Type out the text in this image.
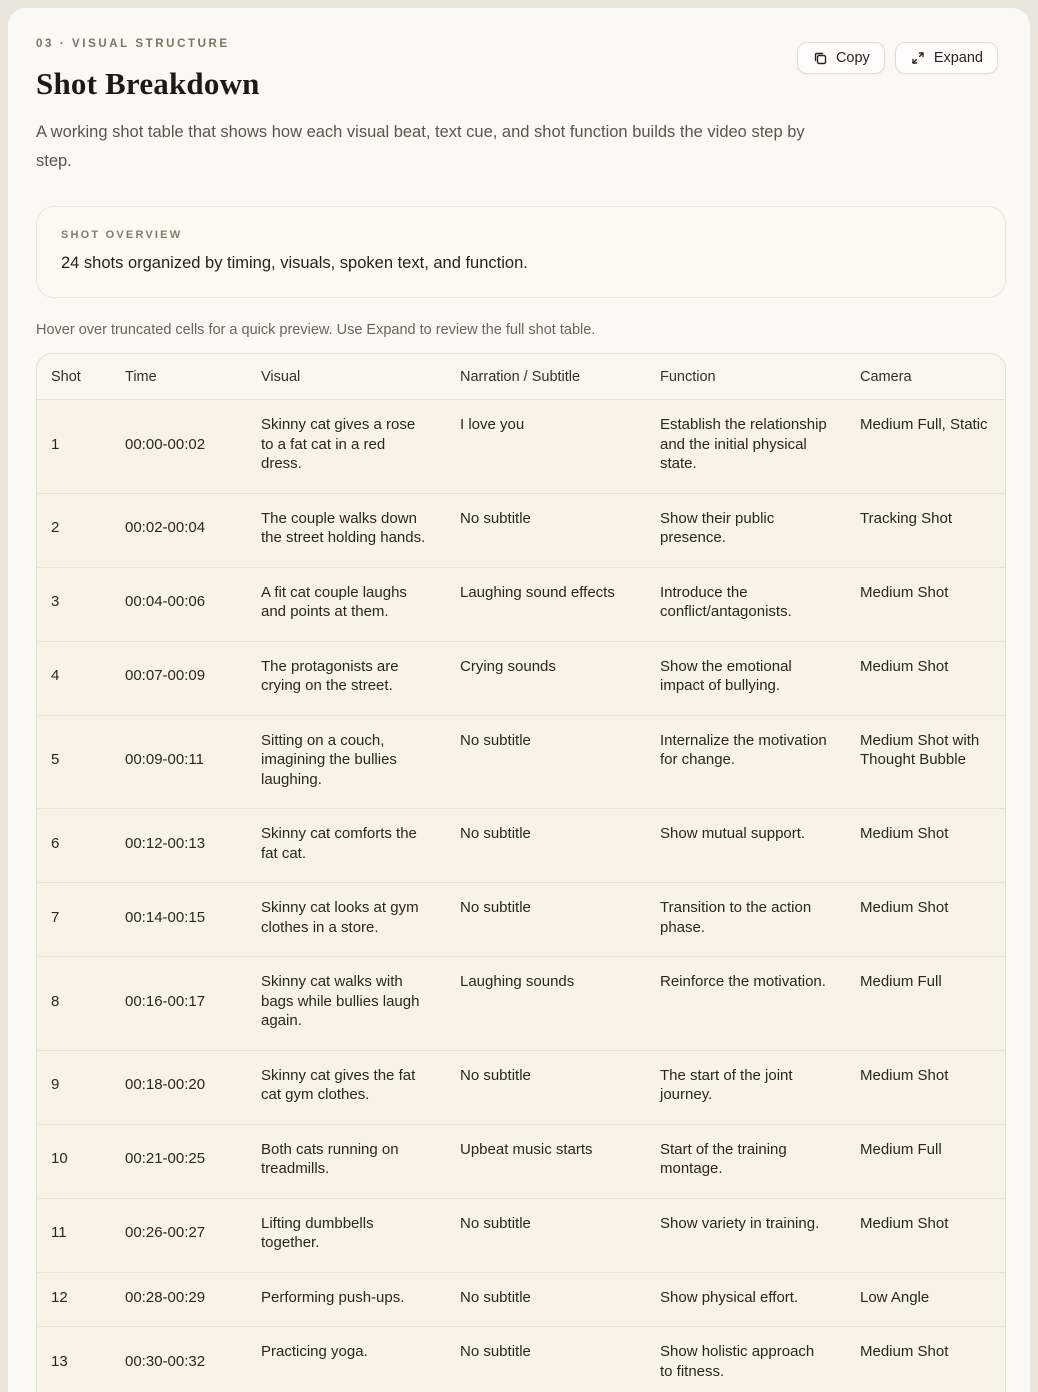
03 · VISUAL STRUCTURE
Copy	Expand
Shot Breakdown

A working shot table that shows how each visual beat, text cue, and shot function builds the video step by step.

SHOT OVERVIEW
24 shots organized by timing, visuals, spoken text, and function.

Hover over truncated cells for a quick preview. Use Expand to review the full shot table.

Shot	Time	Visual	Narration / Subtitle	Function	Camera
1	00:00-00:02	Skinny cat gives a rose to a fat cat in a red dress.	I love you	Establish the relationship and the initial physical state.	Medium Full, Static
2	00:02-00:04	The couple walks down the street holding hands.	No subtitle	Show their public presence.	Tracking Shot
3	00:04-00:06	A fit cat couple laughs and points at them.	Laughing sound effects	Introduce the conflict/antagonists.	Medium Shot
4	00:07-00:09	The protagonists are crying on the street.	Crying sounds	Show the emotional impact of bullying.	Medium Shot
5	00:09-00:11	Sitting on a couch, imagining the bullies laughing.	No subtitle	Internalize the motivation for change.	Medium Shot with Thought Bubble
6	00:12-00:13	Skinny cat comforts the fat cat.	No subtitle	Show mutual support.	Medium Shot
7	00:14-00:15	Skinny cat looks at gym clothes in a store.	No subtitle	Transition to the action phase.	Medium Shot
8	00:16-00:17	Skinny cat walks with bags while bullies laugh again.	Laughing sounds	Reinforce the motivation.	Medium Full
9	00:18-00:20	Skinny cat gives the fat cat gym clothes.	No subtitle	The start of the joint journey.	Medium Shot
10	00:21-00:25	Both cats running on treadmills.	Upbeat music starts	Start of the training montage.	Medium Full
11	00:26-00:27	Lifting dumbbells together.	No subtitle	Show variety in training.	Medium Shot
12	00:28-00:29	Performing push-ups.	No subtitle	Show physical effort.	Low Angle
13	00:30-00:32	Practicing yoga.	No subtitle	Show holistic approach to fitness.	Medium Shot
